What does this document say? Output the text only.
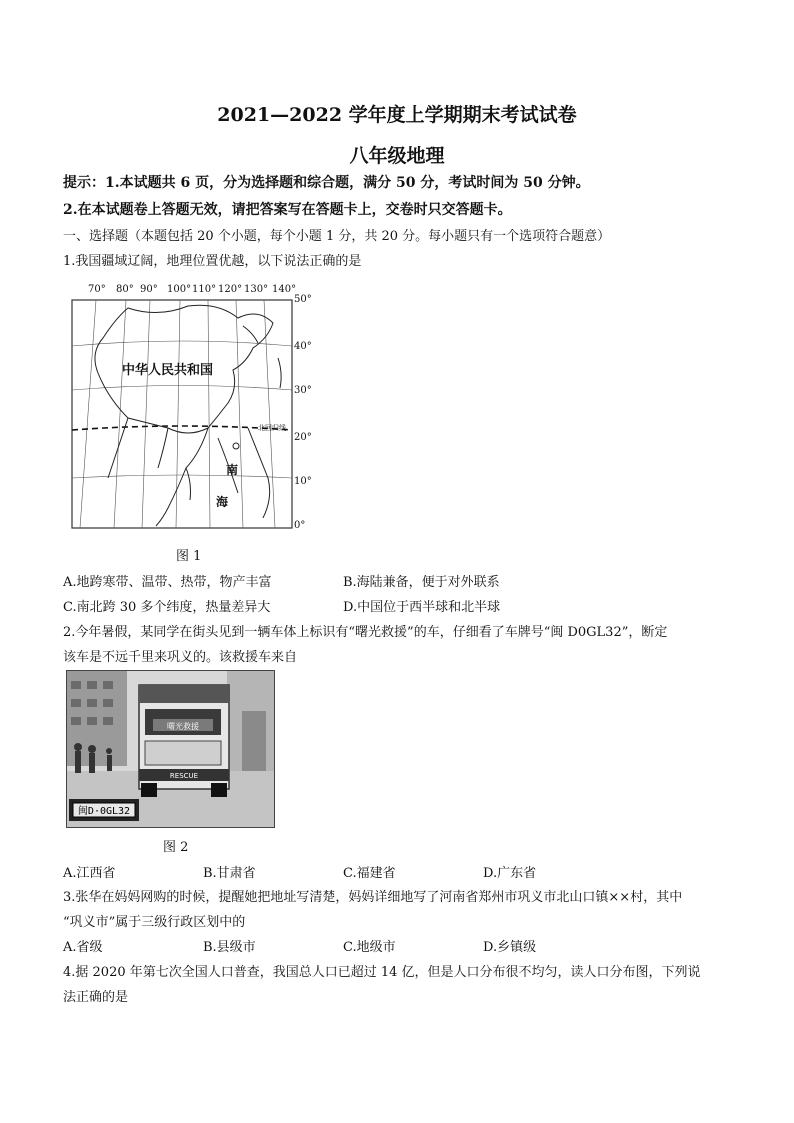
2021—2022 学年度上学期期末考试试卷
八年级地理
提示：1.本试题共 6 页，分为选择题和综合题，满分 50 分，考试时间为 50 分钟。
2.在本试题卷上答题无效，请把答案写在答题卡上，交卷时只交答题卡。
一、选择题（本题包括 20 个小题，每个小题 1 分，共 20 分。每小题只有一个选项符合题意）
1.我国疆域辽阔，地理位置优越，以下说法正确的是
70° 80° 90° 100° 110° 120° 130° 140°
50°
40°
30°
20°
10°
0°
中华人民共和国
北回归线
南
海
图 1
A.地跨寒带、温带、热带，物产丰富	B.海陆兼备，便于对外联系
C.南北跨 30 多个纬度，热量差异大	D.中国位于西半球和北半球
2.今年暑假，某同学在街头见到一辆车体上标识有“曙光救援”的车，仔细看了车牌号“闽 D0GL32”，断定
该车是不远千里来巩义的。该救援车来自
曙光救援
RESCUE
闽D·0GL32
图 2
A.江西省	B.甘肃省	C.福建省	D.广东省
3.张华在妈妈网购的时候，提醒她把地址写清楚，妈妈详细地写了河南省郑州市巩义市北山口镇××村，其中
“巩义市”属于三级行政区划中的
A.省级	B.县级市	C.地级市	D.乡镇级
4.据 2020 年第七次全国人口普查，我国总人口已超过 14 亿，但是人口分布很不均匀，读人口分布图，下列说
法正确的是
